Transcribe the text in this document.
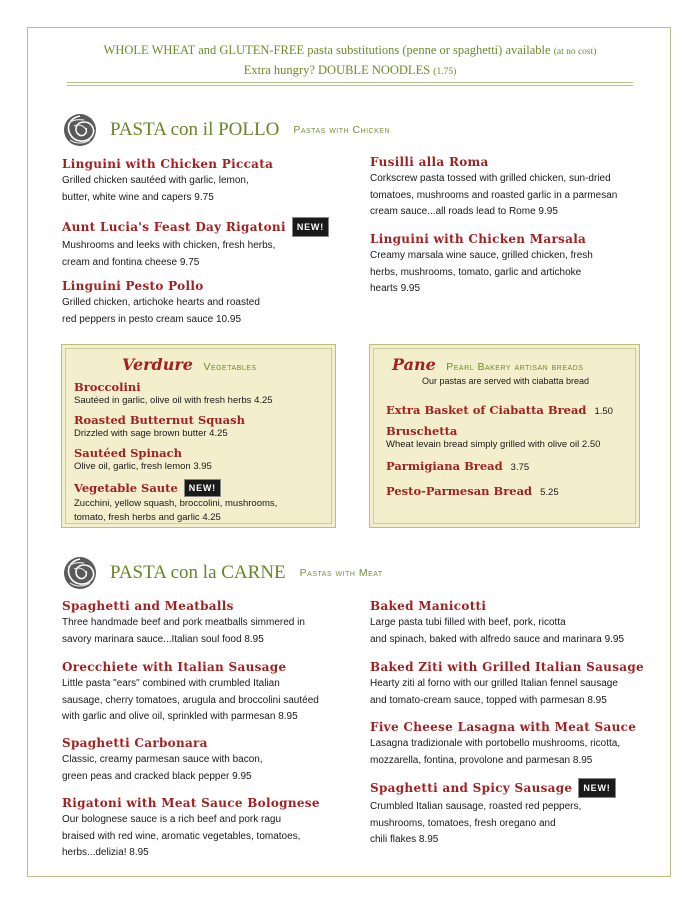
WHOLE WHEAT and GLUTEN-FREE pasta substitutions (penne or spaghetti) available (at no cost)
Extra hungry? DOUBLE NOODLES (1.75)
PASTA con il POLLO Pastas with Chicken
Linguini with Chicken Piccata
Grilled chicken sautéed with garlic, lemon,
butter, white wine and capers 9.75
Aunt Lucia's Feast Day Rigatoni NEW!
Mushrooms and leeks with chicken, fresh herbs,
cream and fontina cheese 9.75
Linguini Pesto Pollo
Grilled chicken, artichoke hearts and roasted
red peppers in pesto cream sauce 10.95
Fusilli alla Roma
Corkscrew pasta tossed with grilled chicken, sun-dried
tomatoes, mushrooms and roasted garlic in a parmesan
cream sauce...all roads lead to Rome 9.95
Linguini with Chicken Marsala
Creamy marsala wine sauce, grilled chicken, fresh
herbs, mushrooms, tomato, garlic and artichoke
hearts 9.95
Verdure Vegetables
Broccolini
Sautéed in garlic, olive oil with fresh herbs 4.25
Roasted Butternut Squash
Drizzled with sage brown butter 4.25
Sautéed Spinach
Olive oil, garlic, fresh lemon 3.95
Vegetable Saute NEW!
Zucchini, yellow squash, broccolini, mushrooms,
tomato, fresh herbs and garlic 4.25
Pane Pearl Bakery artisan breads
Our pastas are served with ciabatta bread
Extra Basket of Ciabatta Bread 1.50
Bruschetta
Wheat levain bread simply grilled with olive oil 2.50
Parmigiana Bread 3.75
Pesto-Parmesan Bread 5.25
PASTA con la CARNE Pastas with Meat
Spaghetti and Meatballs
Three handmade beef and pork meatballs simmered in
savory marinara sauce...Italian soul food 8.95
Orecchiete with Italian Sausage
Little pasta "ears" combined with crumbled Italian
sausage, cherry tomatoes, arugula and broccolini sautéed
with garlic and olive oil, sprinkled with parmesan 8.95
Spaghetti Carbonara
Classic, creamy parmesan sauce with bacon,
green peas and cracked black pepper 9.95
Rigatoni with Meat Sauce Bolognese
Our bolognese sauce is a rich beef and pork ragu
braised with red wine, aromatic vegetables, tomatoes,
herbs...delizia! 8.95
Baked Manicotti
Large pasta tubi filled with beef, pork, ricotta
and spinach, baked with alfredo sauce and marinara 9.95
Baked Ziti with Grilled Italian Sausage
Hearty ziti al forno with our grilled Italian fennel sausage
and tomato-cream sauce, topped with parmesan 8.95
Five Cheese Lasagna with Meat Sauce
Lasagna tradizionale with portobello mushrooms, ricotta,
mozzarella, fontina, provolone and parmesan 8.95
Spaghetti and Spicy Sausage NEW!
Crumbled Italian sausage, roasted red peppers,
mushrooms, tomatoes, fresh oregano and
chili flakes 8.95
